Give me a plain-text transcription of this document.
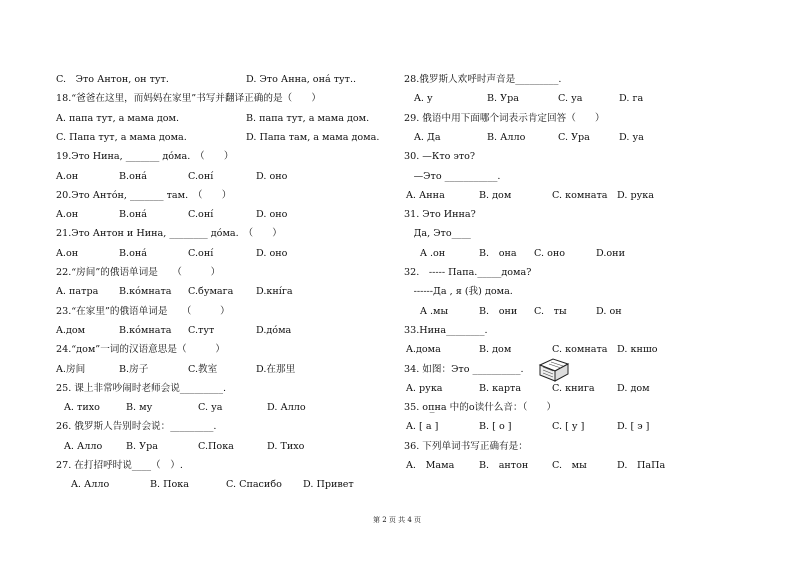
C.　Это Антон, он тут.	D. Это Анна, она́ тут..
18.“爸爸在这里，而妈妈在家里”书写并翻译正确的是（　　）
A. папа тут, а мама дом.	B. папа тут, а мама дом.
C. Папа тут, а мама дома.	D. Папа там, а мама дома.
19.Это Нина, _______ до́ма.　（　　）
A.он	B.она́	C.оні́	D. оно
20.Это Анто́н, _______ там.　（　　）
A.он	B.она́	C.оні́	D. оно
21.Это Антон и Нина, ________ до́ма.　（　　）
A.он	B.она́	C.оні́	D. оно
22.“房间”的俄语单词是　　（　　　）
A. патра B.ко́мната C.бумага D.кні́га
23.“在家里”的俄语单词是　　（　　　）
A.дом	B.ко́мната C.тут	D.до́ма
24.“дом”一词的汉语意思是（　　　）
A.房间	B.房子	C.教室	D.在那里
25. 课上非常吵闹时老师会说_________.
A. тихо	B. му	C. уа	D. Алло
26. 俄罗斯人告别时会说：_________.
A. Алло B. Ура	C.Пока	D. Тихо
27. 在打招呼时说____（　）.
A. Алло	B. Пока	C. Спасибо D. Привет
28.俄罗斯人欢呼时声音是_________.
A. у	B. Ура	C. уа	D. га
29. 俄语中用下面哪个词表示肯定回答（　　）
A. Да	B. Алло	C. Ура	D. уа
30. —Кто это?
　—Это ___________.
A. Анна	B. дом	C. комната D. рука
31. Это Инна?
　Да, Это____
A .он	B.　она C. оно	D.они
32.　----- Папа._____дома?
　------Да , я (我) дома.
A .мы	B.　они C.　ты	D. он
33.Нина________.
A.дома	B. дом	C. комната D. кншо
34. 如图：Это __________.
A. рука	B. карта	C. книга D. дом
35. оп̲на 中的о读什么音：（　　）
A. [ a ]	B. [ o ]	C. [ у ]	D. [ э ]
36. 下列单词书写正确有是：
A.　Мама	B.　антон C.　мы	D.　ПаПа
第 2 页 共 4 页
